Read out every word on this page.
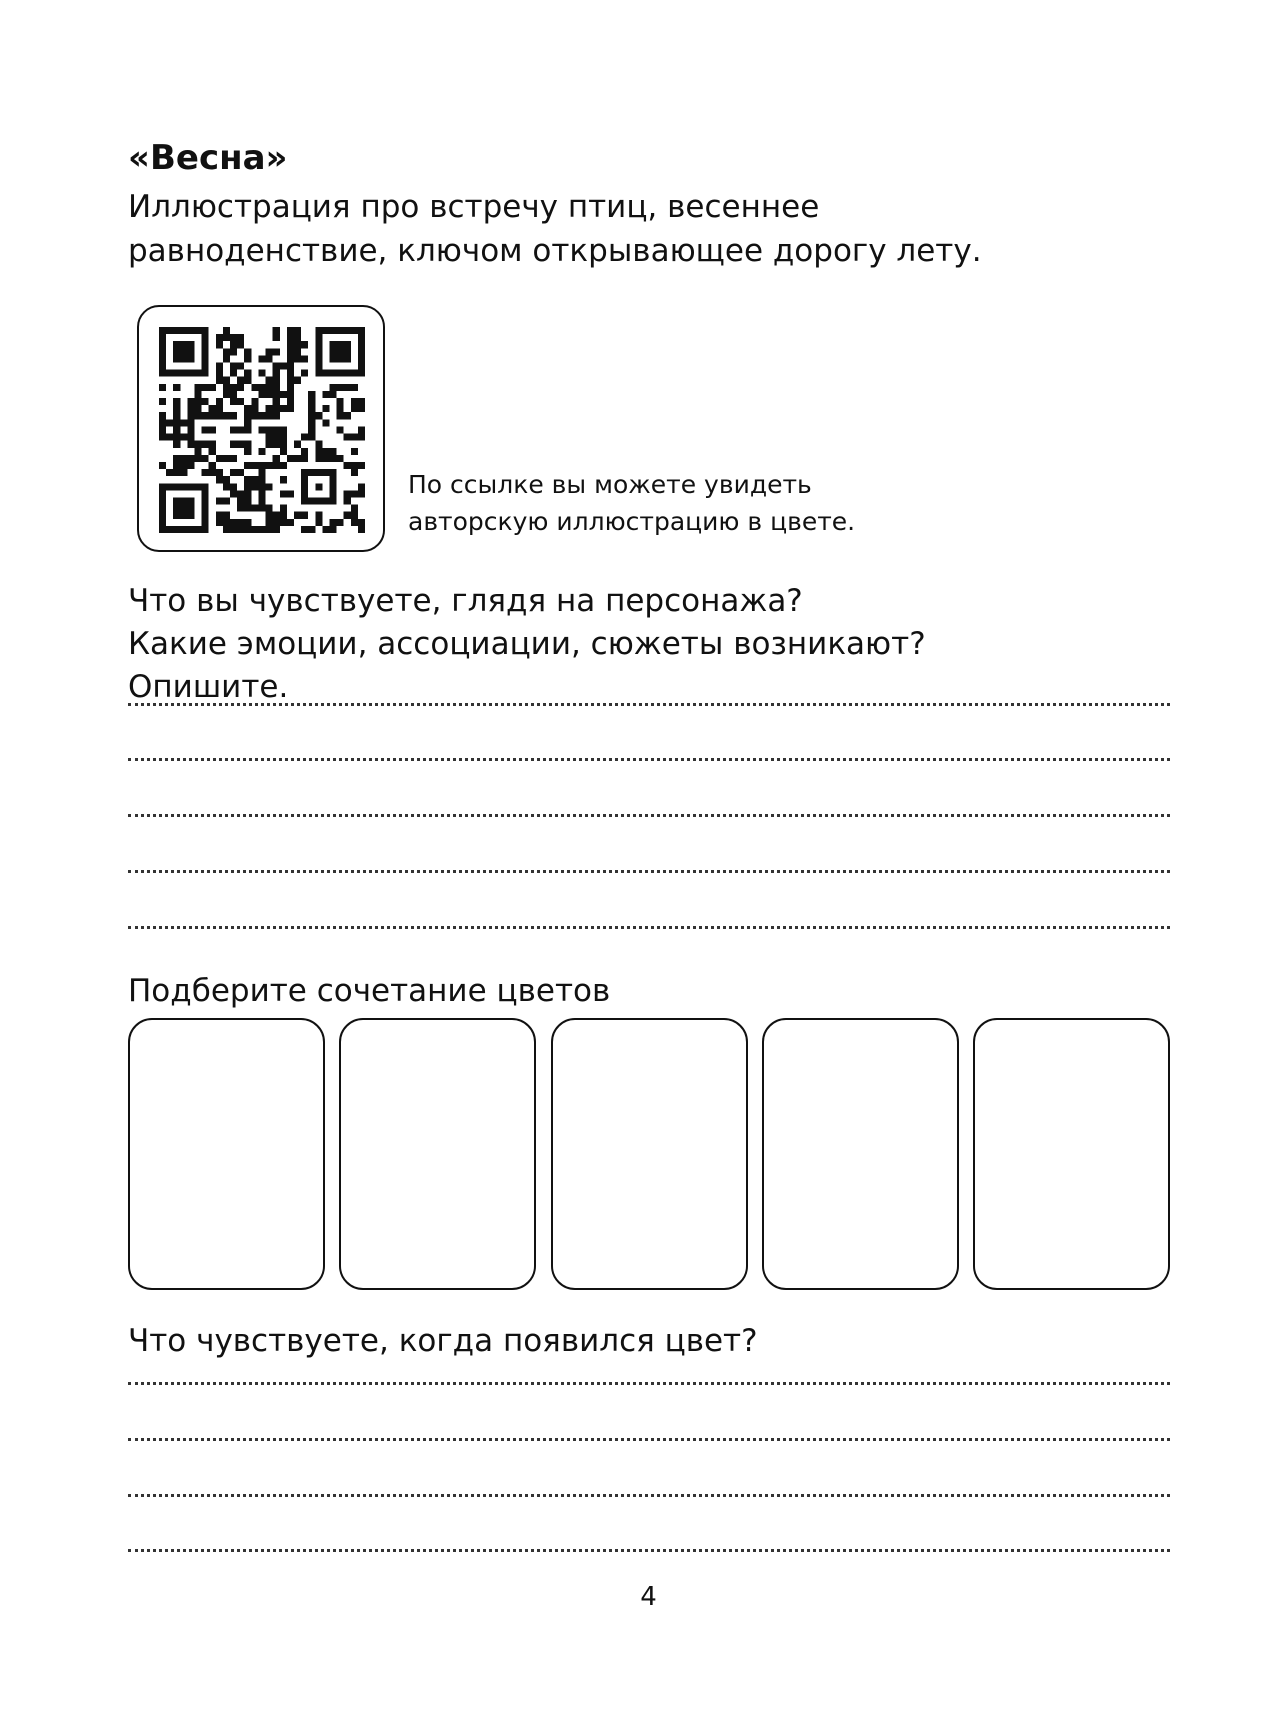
«Весна»
Иллюстрация про встречу птиц, весеннее
равноденствие, ключом открывающее дорогу лету.
По ссылке вы можете увидеть
авторскую иллюстрацию в цвете.
Что вы чувствуете, глядя на персонажа?
Какие эмоции, ассоциации, сюжеты возникают?
Опишите.
Подберите сочетание цветов
Что чувствуете, когда появился цвет?
4
